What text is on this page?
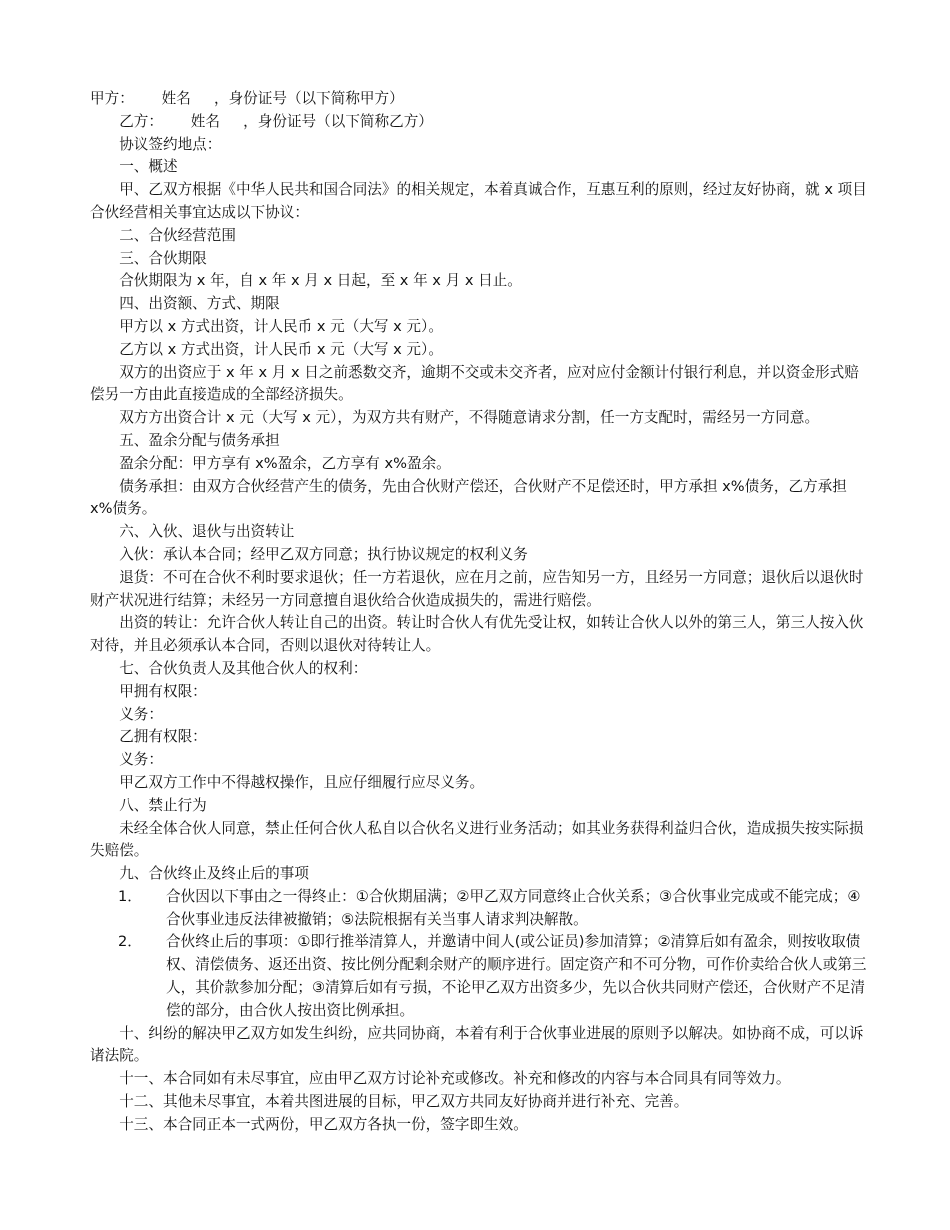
甲方：      姓名     ，身份证号（以下简称甲方）

乙方：      姓名     ，身份证号（以下简称乙方）

协议签约地点：

一、概述

甲、乙双方根据《中华人民共和国合同法》的相关规定，本着真诚合作，互惠互利的原则，经过友好协商，就 x 项目合伙经营相关事宜达成以下协议：

二、合伙经营范围

三、合伙期限

合伙期限为 x 年，自 x 年 x 月 x 日起，至 x 年 x 月 x 日止。

四、出资额、方式、期限

甲方以 x 方式出资，计人民币 x 元（大写 x 元）。

乙方以 x 方式出资，计人民币 x 元（大写 x 元）。

双方的出资应于 x 年 x 月 x 日之前悉数交齐，逾期不交或未交齐者，应对应付金额计付银行利息，并以资金形式赔偿另一方由此直接造成的全部经济损失。

双方方出资合计 x 元（大写 x 元），为双方共有财产，不得随意请求分割，任一方支配时，需经另一方同意。

五、盈余分配与债务承担

盈余分配：甲方享有 x%盈余，乙方享有 x%盈余。

债务承担：由双方合伙经营产生的债务，先由合伙财产偿还，合伙财产不足偿还时，甲方承担 x%债务，乙方承担 x%债务。

六、入伙、退伙与出资转让

入伙：承认本合同；经甲乙双方同意；执行协议规定的权利义务

退货：不可在合伙不利时要求退伙；任一方若退伙，应在月之前，应告知另一方，且经另一方同意；退伙后以退伙时财产状况进行结算；未经另一方同意擅自退伙给合伙造成损失的，需进行赔偿。

出资的转让：允许合伙人转让自己的出资。转让时合伙人有优先受让权，如转让合伙人以外的第三人，第三人按入伙对待，并且必须承认本合同，否则以退伙对待转让人。

七、合伙负责人及其他合伙人的权利：

甲拥有权限：

义务：

乙拥有权限：

义务：

甲乙双方工作中不得越权操作，且应仔细履行应尽义务。

八、禁止行为

未经全体合伙人同意，禁止任何合伙人私自以合伙名义进行业务活动；如其业务获得利益归合伙，造成损失按实际损失赔偿。

九、合伙终止及终止后的事项

1．	合伙因以下事由之一得终止：①合伙期届满；②甲乙双方同意终止合伙关系；③合伙事业完成或不能完成；④合伙事业违反法律被撤销；⑤法院根据有关当事人请求判决解散。
2．	合伙终止后的事项：①即行推举清算人，并邀请中间人(或公证员)参加清算；②清算后如有盈余，则按收取债权、清偿债务、返还出资、按比例分配剩余财产的顺序进行。固定资产和不可分物，可作价卖给合伙人或第三人，其价款参加分配；③清算后如有亏损，不论甲乙双方出资多少，先以合伙共同财产偿还，合伙财产不足清偿的部分，由合伙人按出资比例承担。

十、纠纷的解决甲乙双方如发生纠纷，应共同协商，本着有利于合伙事业进展的原则予以解决。如协商不成，可以诉诸法院。

十一、本合同如有未尽事宜，应由甲乙双方讨论补充或修改。补充和修改的内容与本合同具有同等效力。

十二、其他未尽事宜，本着共图进展的目标，甲乙双方共同友好协商并进行补充、完善。

十三、本合同正本一式两份，甲乙双方各执一份，签字即生效。
